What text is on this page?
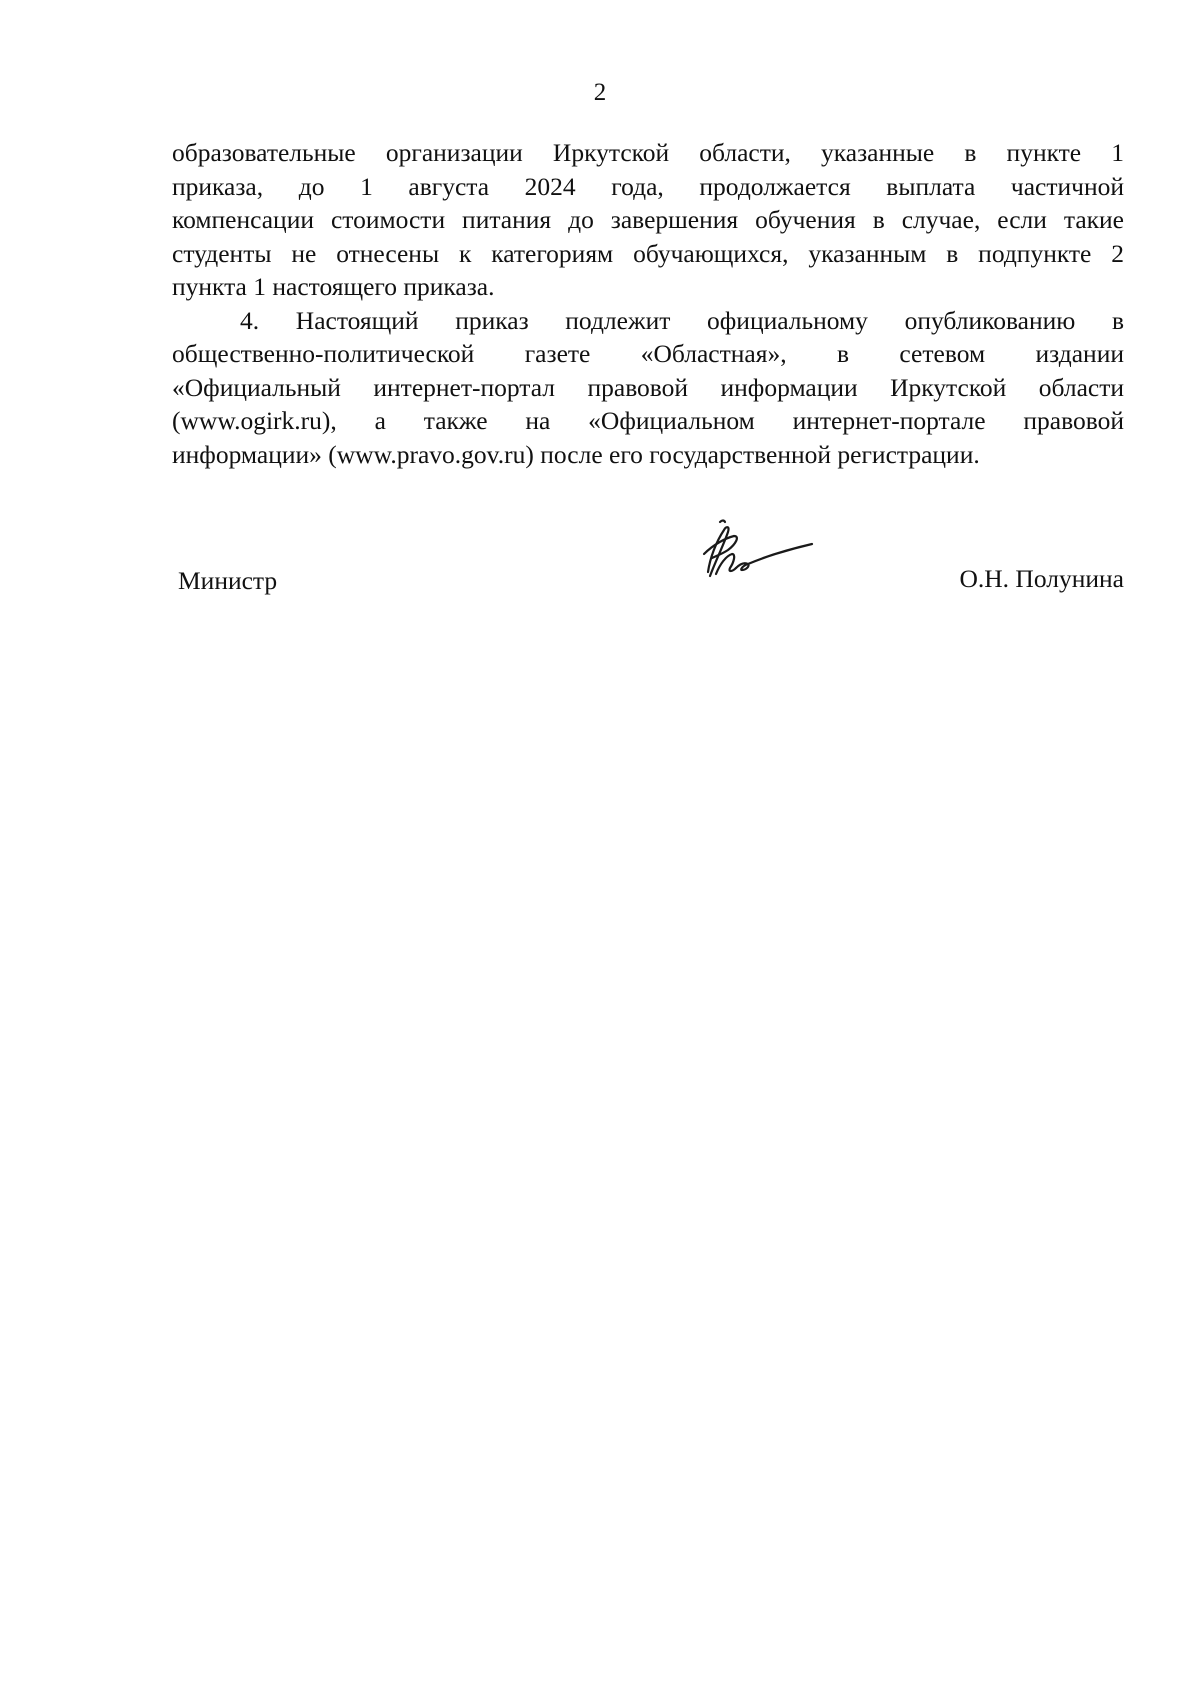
2

образовательные организации Иркутской области, указанные в пункте 1
приказа, до 1 августа 2024 года, продолжается выплата частичной
компенсации стоимости питания до завершения обучения в случае, если такие
студенты не отнесены к категориям обучающихся, указанным в подпункте 2
пункта 1 настоящего приказа.

4. Настоящий приказ подлежит официальному опубликованию в
общественно-политической газете «Областная», в сетевом издании
«Официальный интернет-портал правовой информации Иркутской области
(www.ogirk.ru), а также на «Официальном интернет-портале правовой
информации» (www.pravo.gov.ru) после его государственной регистрации.

Министр	О.Н. Полунина
